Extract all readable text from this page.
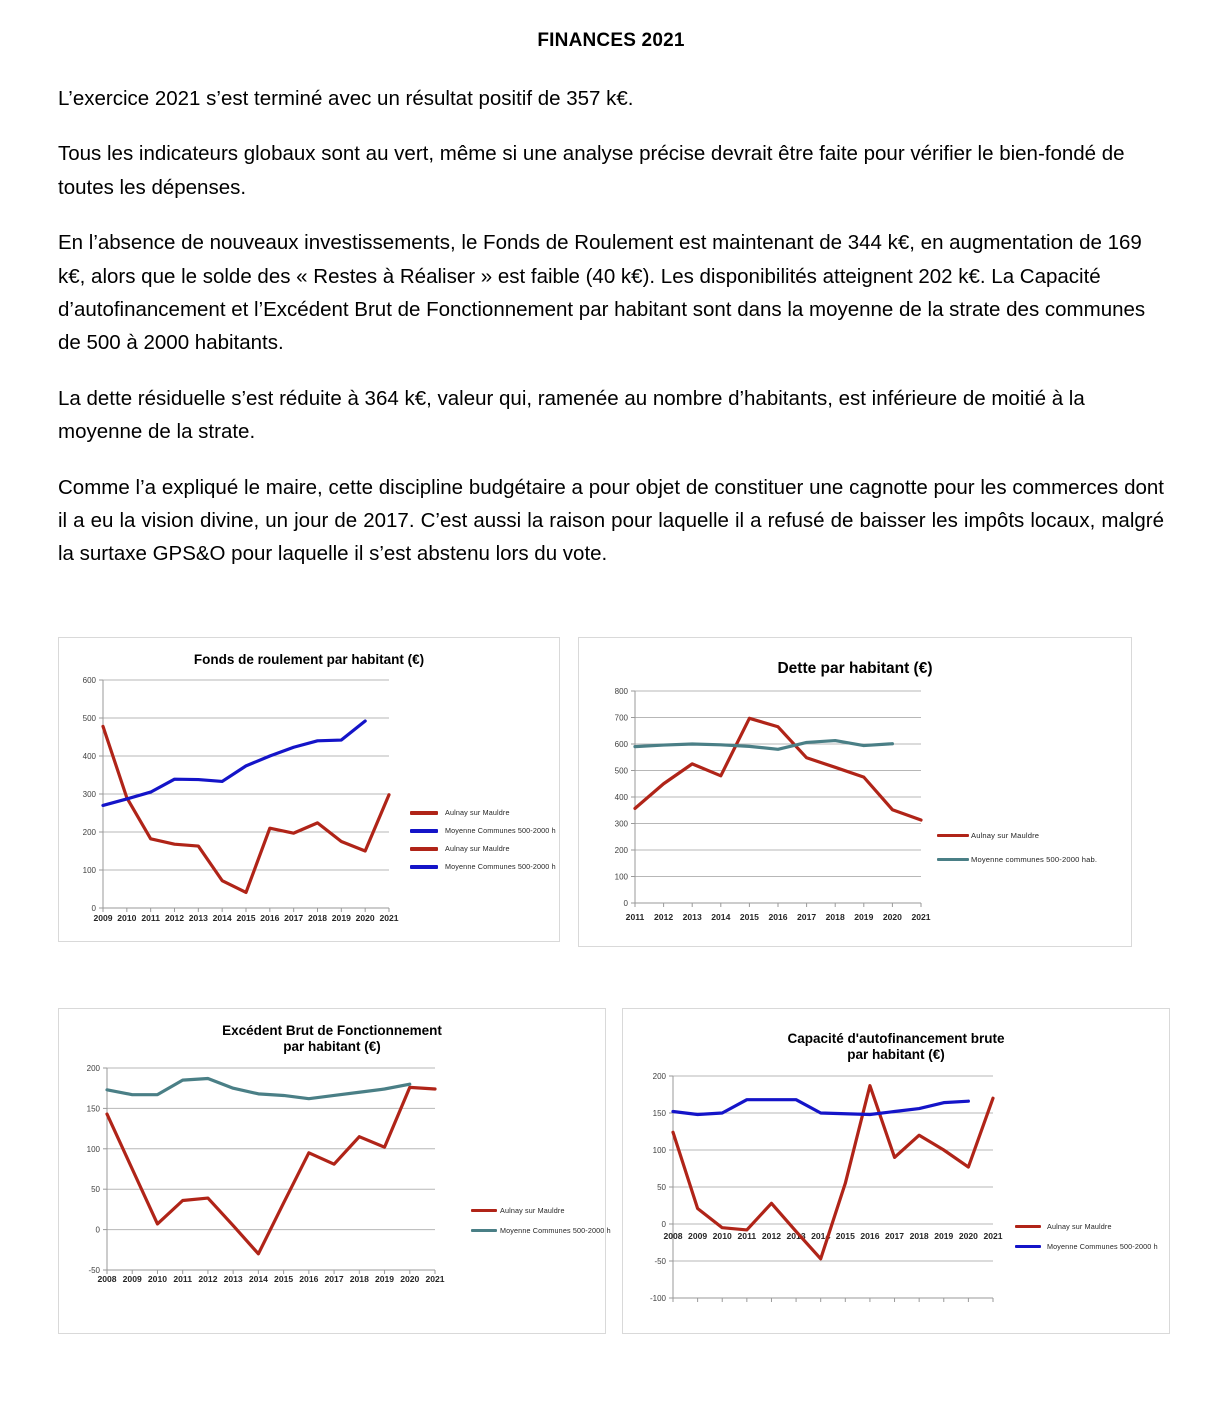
FINANCES 2021

L’exercice 2021 s’est terminé avec un résultat positif de 357 k€.

Tous les indicateurs globaux sont au vert, même si une analyse précise devrait être faite pour vérifier le bien-fondé de toutes les dépenses.

En l’absence de nouveaux investissements, le Fonds de Roulement est maintenant de 344 k€, en augmentation de 169 k€, alors que le solde des « Restes à Réaliser » est faible (40 k€). Les disponibilités atteignent 202 k€. La Capacité d’autofinancement et l’Excédent Brut de Fonctionnement par habitant sont dans la moyenne de la strate des communes de 500 à 2000 habitants.

La dette résiduelle s’est réduite à 364 k€, valeur qui, ramenée au nombre d’habitants, est inférieure de moitié à la moyenne de la strate.

Comme l’a expliqué le maire, cette discipline budgétaire a pour objet de constituer une cagnotte pour les commerces dont il a eu la vision divine, un jour de 2017. C’est aussi la raison pour laquelle il a refusé de baisser les impôts locaux, malgré la surtaxe GPS&O pour laquelle il s’est abstenu lors du vote.

Fonds de roulement par habitant (€)
0
100
200
300
400
500
600
2009 2010 2011 2012 2013 2014 2015 2016 2017 2018 2019 2020 2021
Aulnay sur Mauldre
Moyenne Communes 500-2000 h
Aulnay sur Mauldre
Moyenne Communes 500-2000 h
Dette par habitant (€)
0
100
200
300
400
500
600
700
800
2011 2012 2013 2014 2015 2016 2017 2018 2019 2020 2021
Aulnay sur Mauldre
Moyenne communes 500-2000 hab.
Excédent Brut de Fonctionnement
par habitant (€)
-50
0
50
100
150
200
2008 2009 2010 2011 2012 2013 2014 2015 2016 2017 2018 2019 2020 2021
Aulnay sur Mauldre
Moyenne Communes 500-2000 h
Capacité d'autofinancement brute
par habitant (€)
-100
-50
0
50
100
150
200
2008 2009 2010 2011 2012 2013 2014 2015 2016 2017 2018 2019 2020 2021
Aulnay sur Mauldre
Moyenne Communes 500-2000 h
